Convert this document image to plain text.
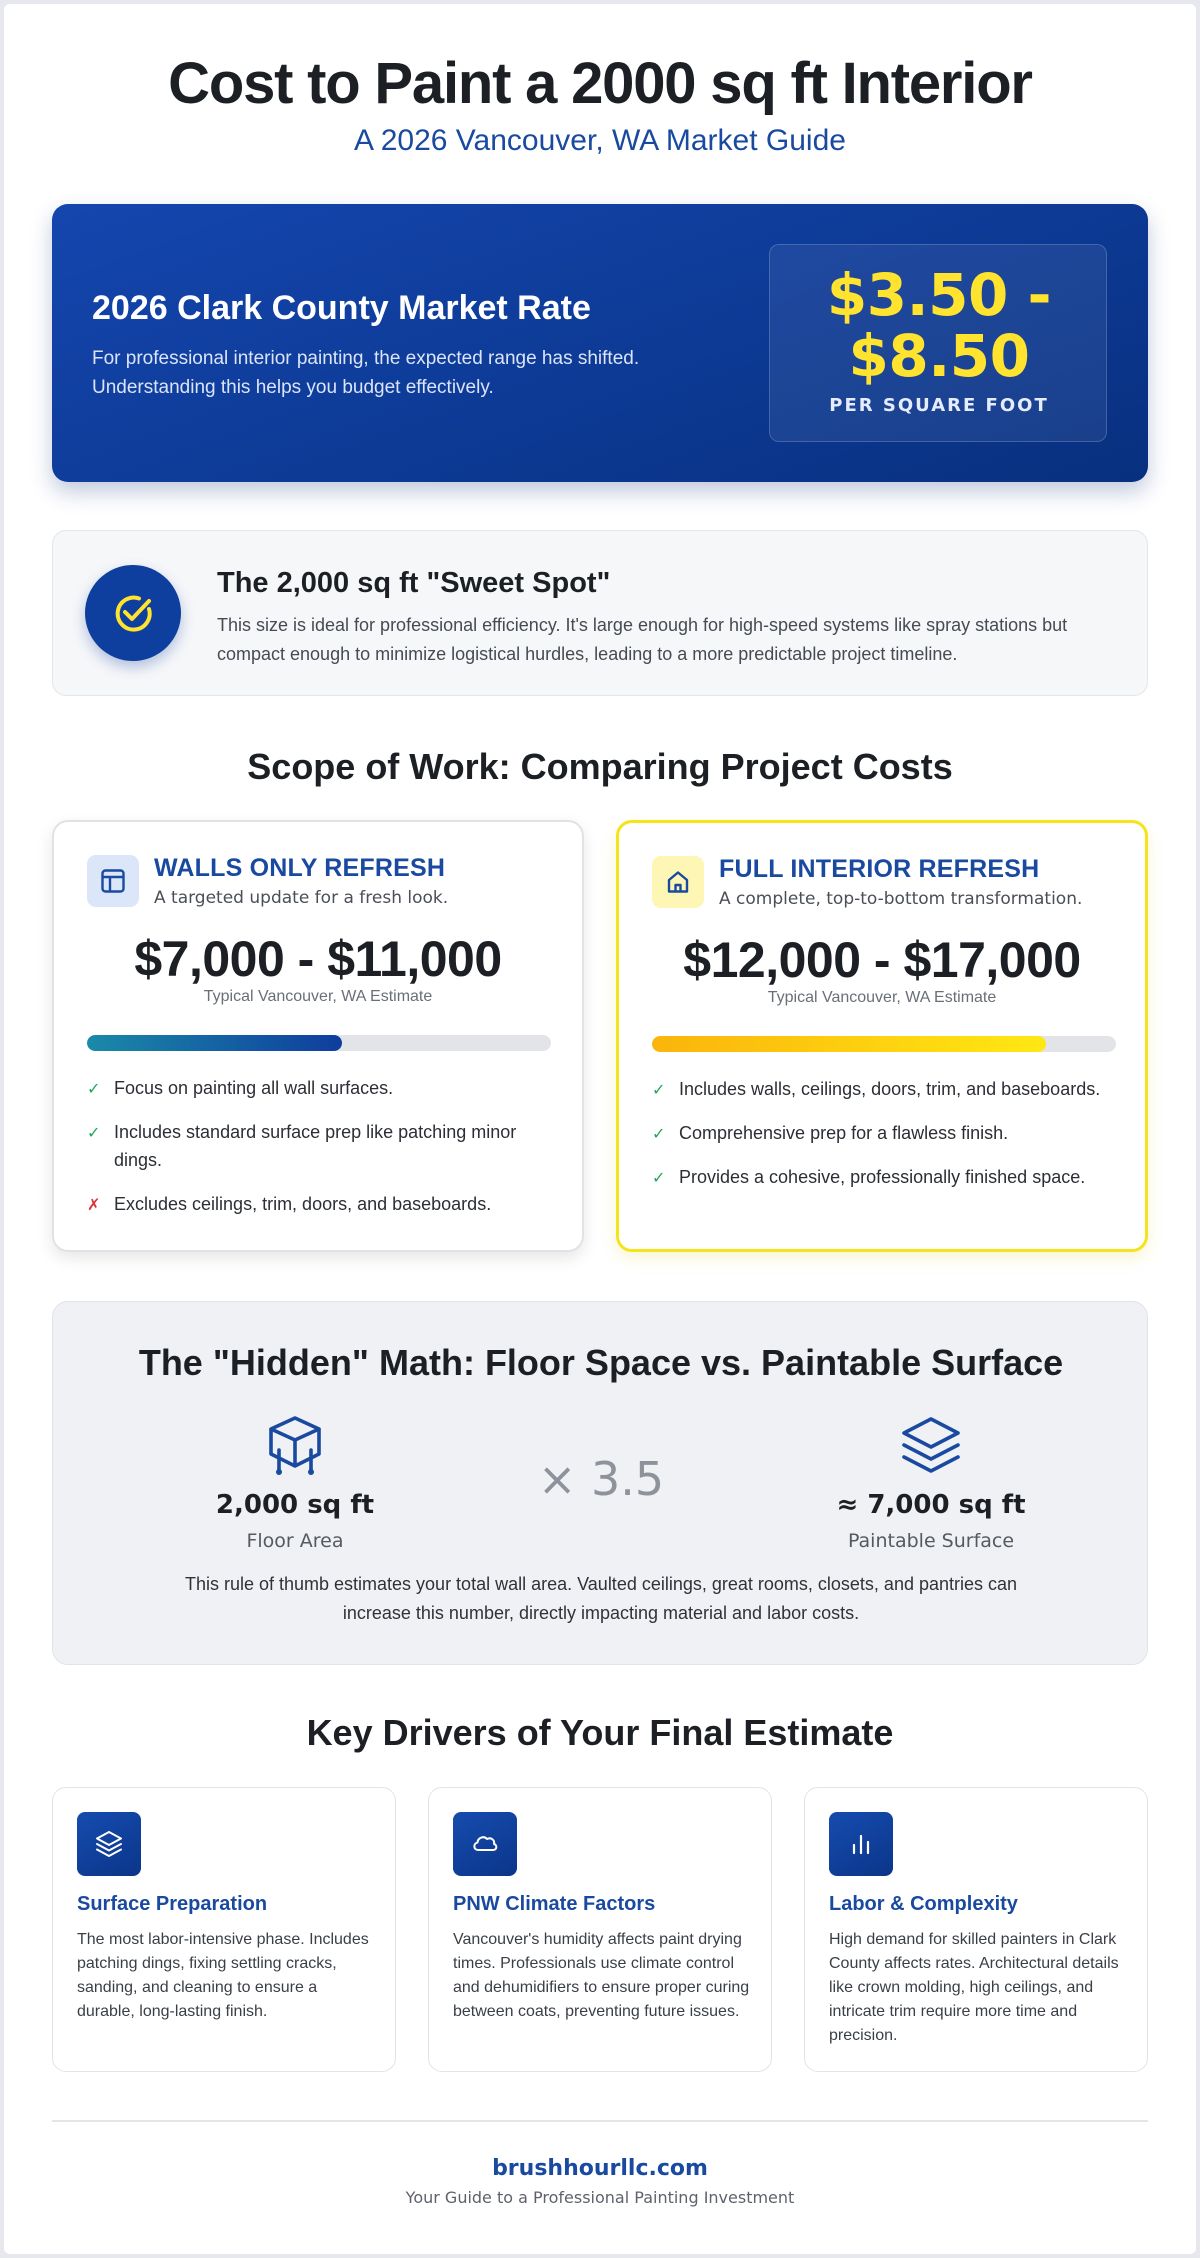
Cost to Paint a 2000 sq ft Interior
A 2026 Vancouver, WA Market Guide
2026 Clark County Market Rate
For professional interior painting, the expected range has shifted. Understanding this helps you budget effectively.
$3.50 -
$8.50
PER SQUARE FOOT
The 2,000 sq ft "Sweet Spot"
This size is ideal for professional efficiency. It's large enough for high-speed systems like spray stations but compact enough to minimize logistical hurdles, leading to a more predictable project timeline.
Scope of Work: Comparing Project Costs
WALLS ONLY REFRESH
A targeted update for a fresh look.
$7,000 - $11,000
Typical Vancouver, WA Estimate
✓ Focus on painting all wall surfaces.
✓ Includes standard surface prep like patching minor dings.
✗ Excludes ceilings, trim, doors, and baseboards.
FULL INTERIOR REFRESH
A complete, top-to-bottom transformation.
$12,000 - $17,000
Typical Vancouver, WA Estimate
✓ Includes walls, ceilings, doors, trim, and baseboards.
✓ Comprehensive prep for a flawless finish.
✓ Provides a cohesive, professionally finished space.
The "Hidden" Math: Floor Space vs. Paintable Surface
2,000 sq ft
Floor Area
× 3.5	≈ 7,000 sq ft
Paintable Surface
This rule of thumb estimates your total wall area. Vaulted ceilings, great rooms, closets, and pantries can increase this number, directly impacting material and labor costs.
Key Drivers of Your Final Estimate
Surface Preparation
The most labor-intensive phase. Includes patching dings, fixing settling cracks, sanding, and cleaning to ensure a durable, long-lasting finish.
PNW Climate Factors
Vancouver's humidity affects paint drying times. Professionals use climate control and dehumidifiers to ensure proper curing between coats, preventing future issues.
Labor & Complexity
High demand for skilled painters in Clark County affects rates. Architectural details like crown molding, high ceilings, and intricate trim require more time and precision.
brushhourllc.com
Your Guide to a Professional Painting Investment
